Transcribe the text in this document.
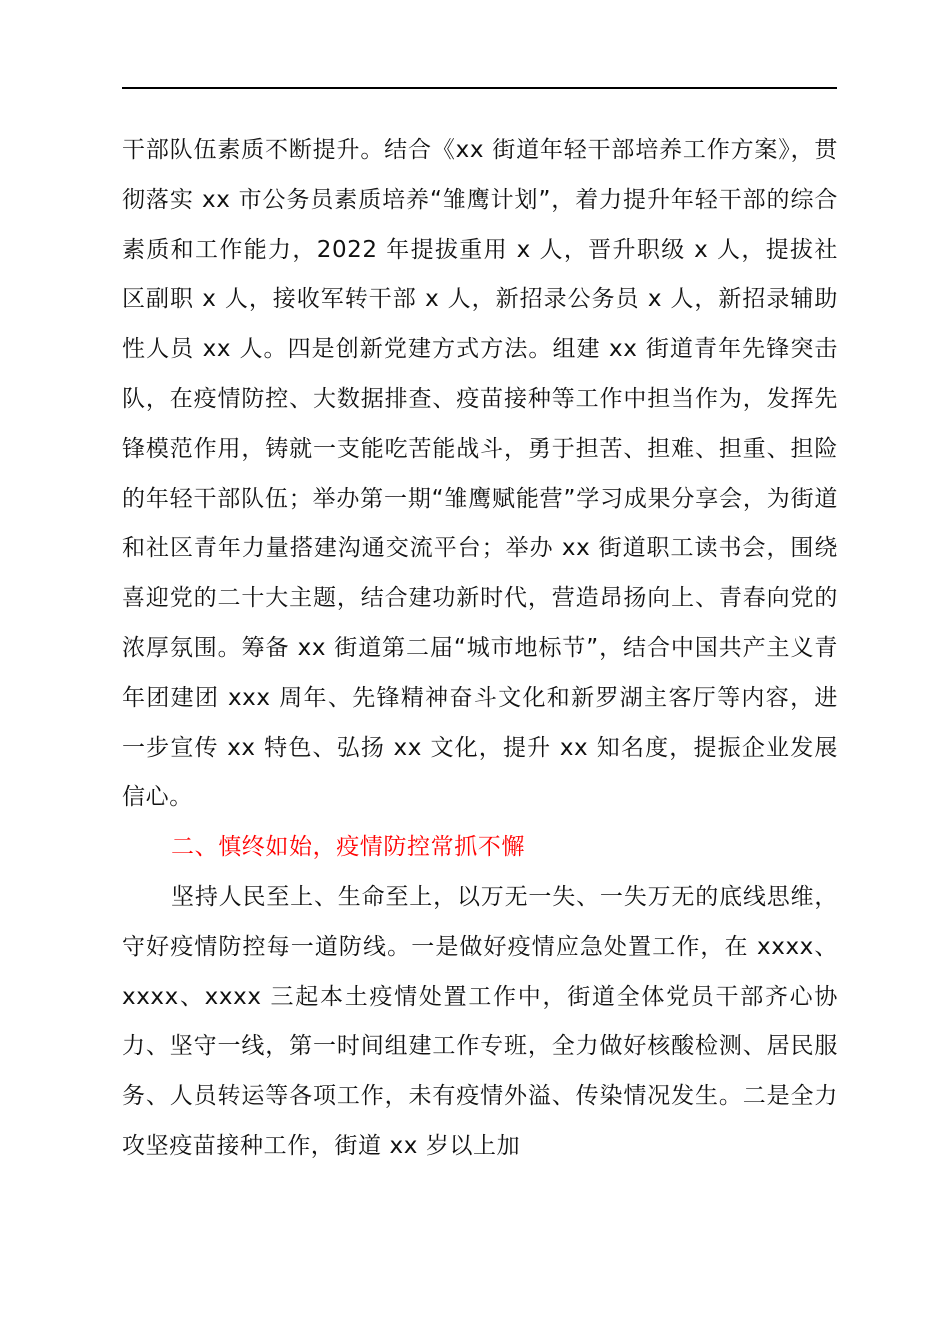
干部队伍素质不断提升。结合《xx 街道年轻干部培养工作方案》，贯彻落实 xx 市公务员素质培养“雏鹰计划”，着力提升年轻干部的综合素质和工作能力，2022 年提拔重用 x 人，晋升职级 x 人，提拔社区副职 x 人，接收军转干部 x 人，新招录公务员 x 人，新招录辅助性人员 xx 人。四是创新党建方式方法。组建 xx 街道青年先锋突击队，在疫情防控、大数据排查、疫苗接种等工作中担当作为，发挥先锋模范作用，铸就一支能吃苦能战斗，勇于担苦、担难、担重、担险的年轻干部队伍；举办第一期“雏鹰赋能营”学习成果分享会，为街道和社区青年力量搭建沟通交流平台；举办 xx 街道职工读书会，围绕喜迎党的二十大主题，结合建功新时代，营造昂扬向上、青春向党的浓厚氛围。筹备 xx 街道第二届“城市地标节”，结合中国共产主义青年团建团 xxx 周年、先锋精神奋斗文化和新罗湖主客厅等内容，进一步宣传 xx 特色、弘扬 xx 文化，提升 xx 知名度，提振企业发展信心。

二、慎终如始，疫情防控常抓不懈

坚持人民至上、生命至上，以万无一失、一失万无的底线思维，守好疫情防控每一道防线。一是做好疫情应急处置工作，在 xxxx、xxxx、xxxx 三起本土疫情处置工作中，街道全体党员干部齐心协力、坚守一线，第一时间组建工作专班，全力做好核酸检测、居民服务、人员转运等各项工作，未有疫情外溢、传染情况发生。二是全力攻坚疫苗接种工作，街道 xx 岁以上加
